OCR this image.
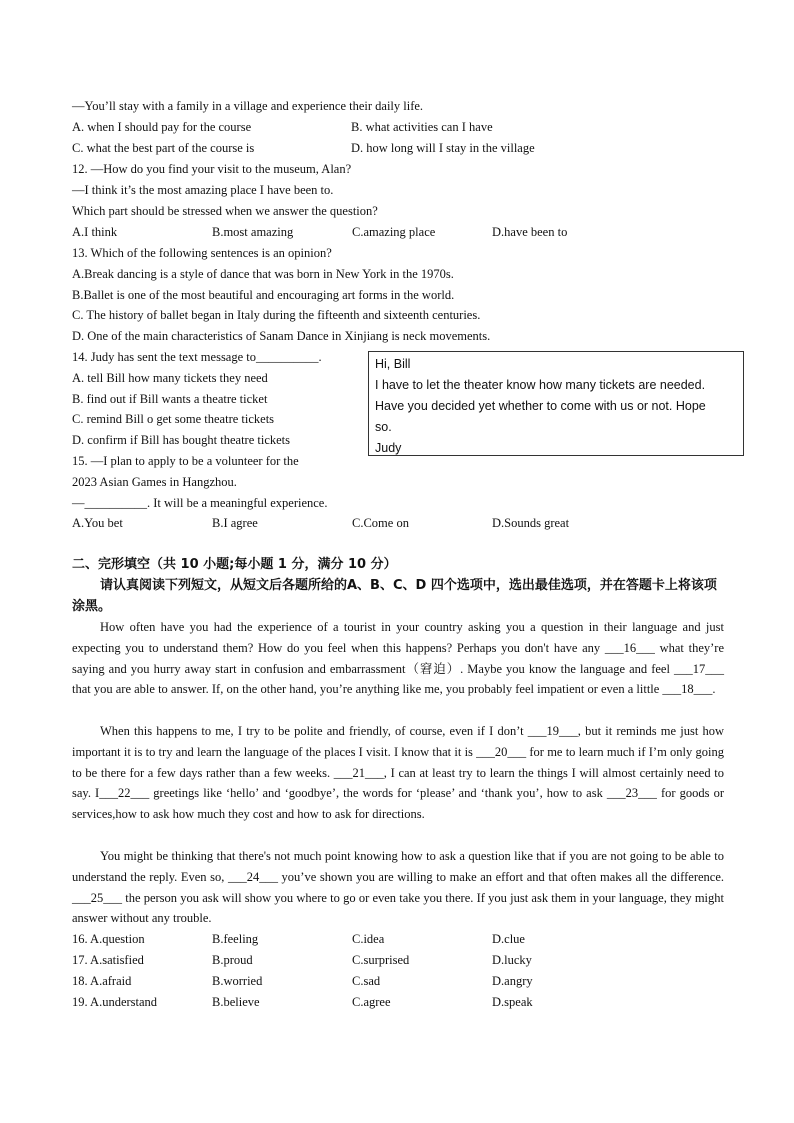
—You’ll stay with a family in a village and experience their daily life.
A. when I should pay for the course	B. what activities can I have
C. what the best part of the course is	D. how long will I stay in the village
12. —How do you find your visit to the museum, Alan?
—I think it’s the most amazing place I have been to.
Which part should be stressed when we answer the question?
A.I think	B.most amazing	C.amazing place	D.have been to
13. Which of the following sentences is an opinion?
A.Break dancing is a style of dance that was born in New York in the 1970s.
B.Ballet is one of the most beautiful and encouraging art forms in the world.
C. The history of ballet began in Italy during the fifteenth and sixteenth centuries.
D. One of the main characteristics of Sanam Dance in Xinjiang is neck movements.
14. Judy has sent the text message to__________.
A. tell Bill how many tickets they need
B. find out if Bill wants a theatre ticket
C. remind Bill o get some theatre tickets
D. confirm if Bill has bought theatre tickets
Hi, Bill
I have to let the theater know how many tickets are needed.
Have you decided yet whether to come with us or not. Hope
so.
Judy
15. —I plan to apply to be a volunteer for the
2023 Asian Games in Hangzhou.
—__________. It will be a meaningful experience.
A.You bet	B.I agree	C.Come on	D.Sounds great
二、完形填空（共 10 小题;每小题 1 分，满分 10 分）
请认真阅读下列短文，从短文后各题所给的A、B、C、D 四个选项中，选出最佳选项，并在答题卡上将该项涂黑。
How often have you had the experience of a tourist in your country asking you a question in their language and just expecting you to understand them? How do you feel when this happens? Perhaps you don't have any ___16___ what they’re saying and you hurry away start in confusion and embarrassment（窘迫）. Maybe you know the language and feel ___17___ that you are able to answer. If, on the other hand, you’re anything like me, you probably feel impatient or even a little ___18___.
When this happens to me, I try to be polite and friendly, of course, even if I don’t ___19___, but it reminds me just how important it is to try and learn the language of the places I visit. I know that it is ___20___ for me to learn much if I’m only going to be there for a few days rather than a few weeks. ___21___, I can at least try to learn the things I will almost certainly need to say. I___22___ greetings like ‘hello’ and ‘goodbye’, the words for ‘please’ and ‘thank you’, how to ask ___23___ for goods or services,how to ask how much they cost and how to ask for directions.
You might be thinking that there's not much point knowing how to ask a question like that if you are not going to be able to understand the reply. Even so, ___24___ you’ve shown you are willing to make an effort and that often makes all the difference. ___25___ the person you ask will show you where to go or even take you there. If you just ask them in your language, they might answer without any trouble.
16. A.question	B.feeling	C.idea	D.clue
17. A.satisfied	B.proud	C.surprised	D.lucky
18. A.afraid	B.worried	C.sad	D.angry
19. A.understand	B.believe	C.agree	D.speak
